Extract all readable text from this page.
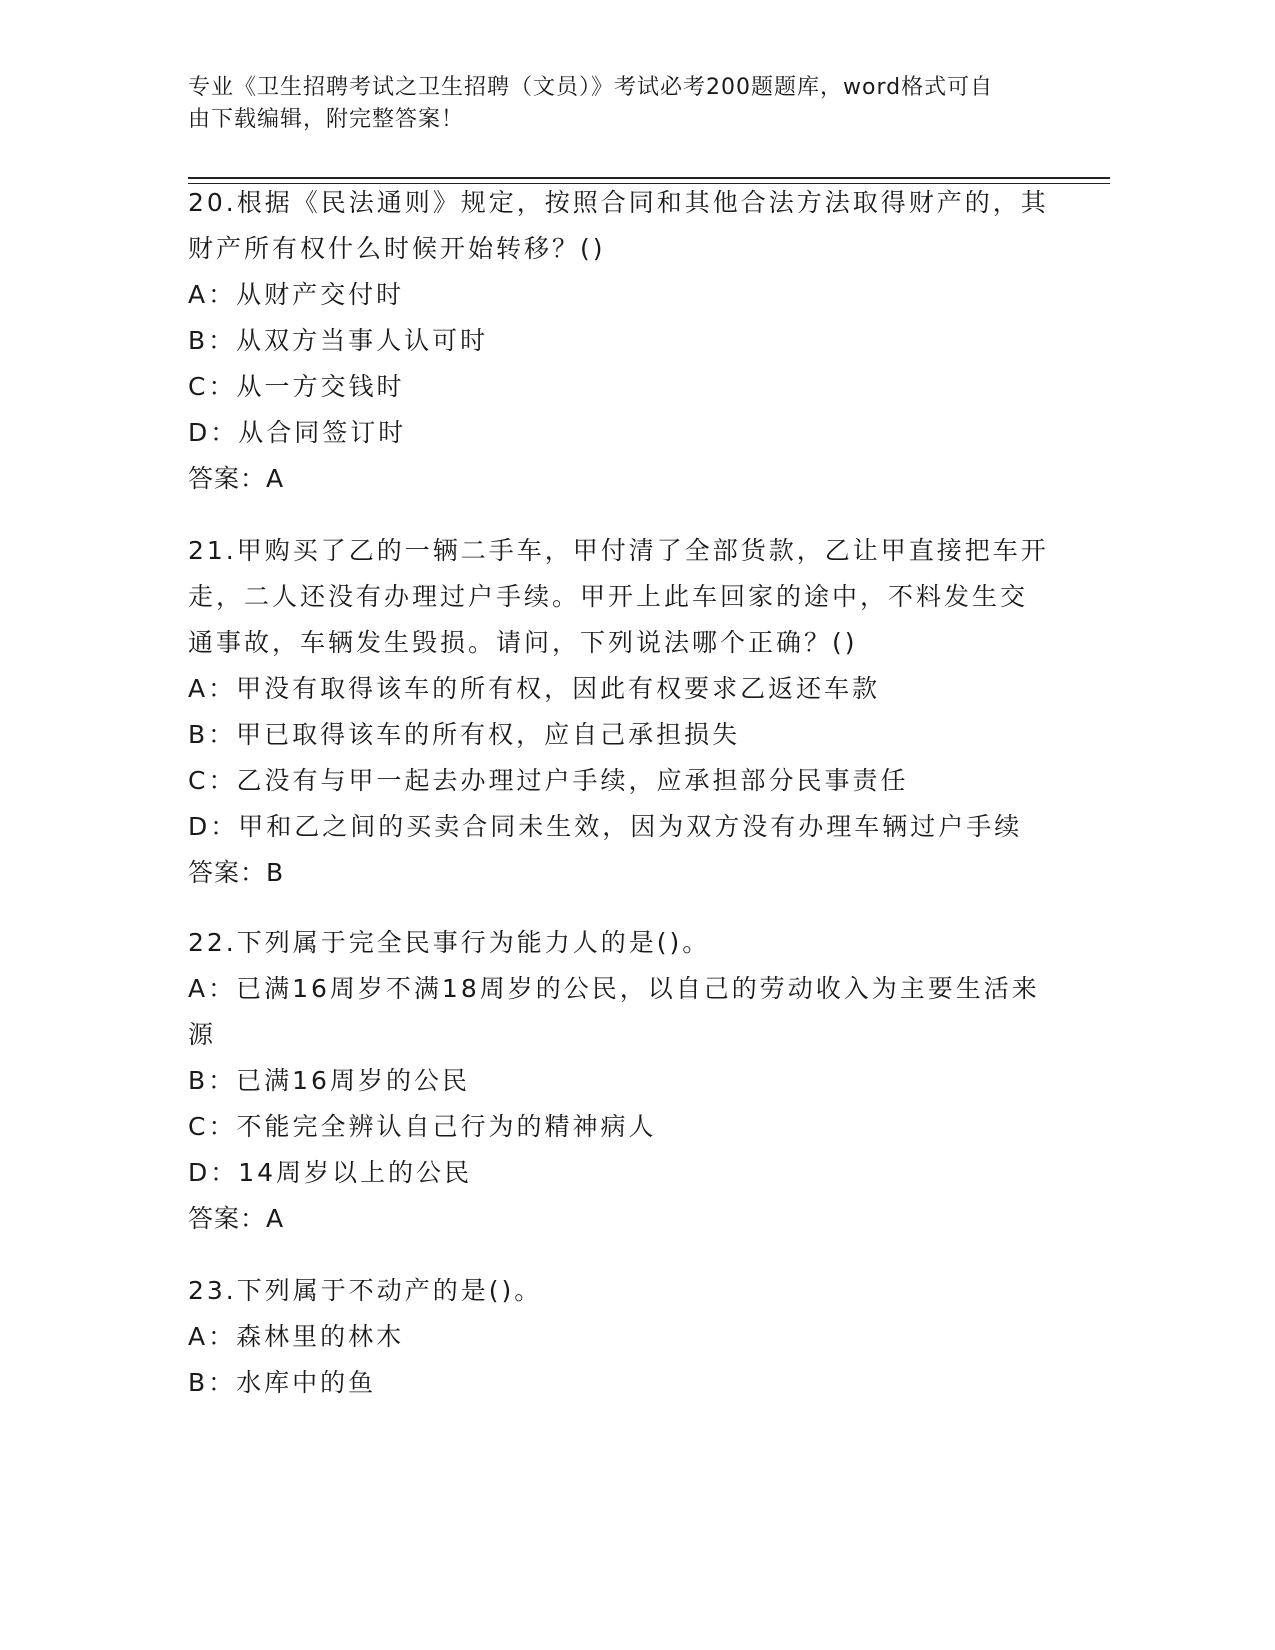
专业《卫生招聘考试之卫生招聘（文员）》考试必考200题题库，word格式可自
由下载编辑，附完整答案！
20.根据《民法通则》规定，按照合同和其他合法方法取得财产的，其
财产所有权什么时候开始转移？()
A：从财产交付时
B：从双方当事人认可时
C：从一方交钱时
D：从合同签订时
答案：A
21.甲购买了乙的一辆二手车，甲付清了全部货款，乙让甲直接把车开
走，二人还没有办理过户手续。甲开上此车回家的途中，不料发生交
通事故，车辆发生毁损。请问，下列说法哪个正确？()
A：甲没有取得该车的所有权，因此有权要求乙返还车款
B：甲已取得该车的所有权，应自己承担损失
C：乙没有与甲一起去办理过户手续，应承担部分民事责任
D：甲和乙之间的买卖合同未生效，因为双方没有办理车辆过户手续
答案：B
22.下列属于完全民事行为能力人的是()。
A：已满16周岁不满18周岁的公民，以自己的劳动收入为主要生活来
源
B：已满16周岁的公民
C：不能完全辨认自己行为的精神病人
D：14周岁以上的公民
答案：A
23.下列属于不动产的是()。
A：森林里的林木
B：水库中的鱼
